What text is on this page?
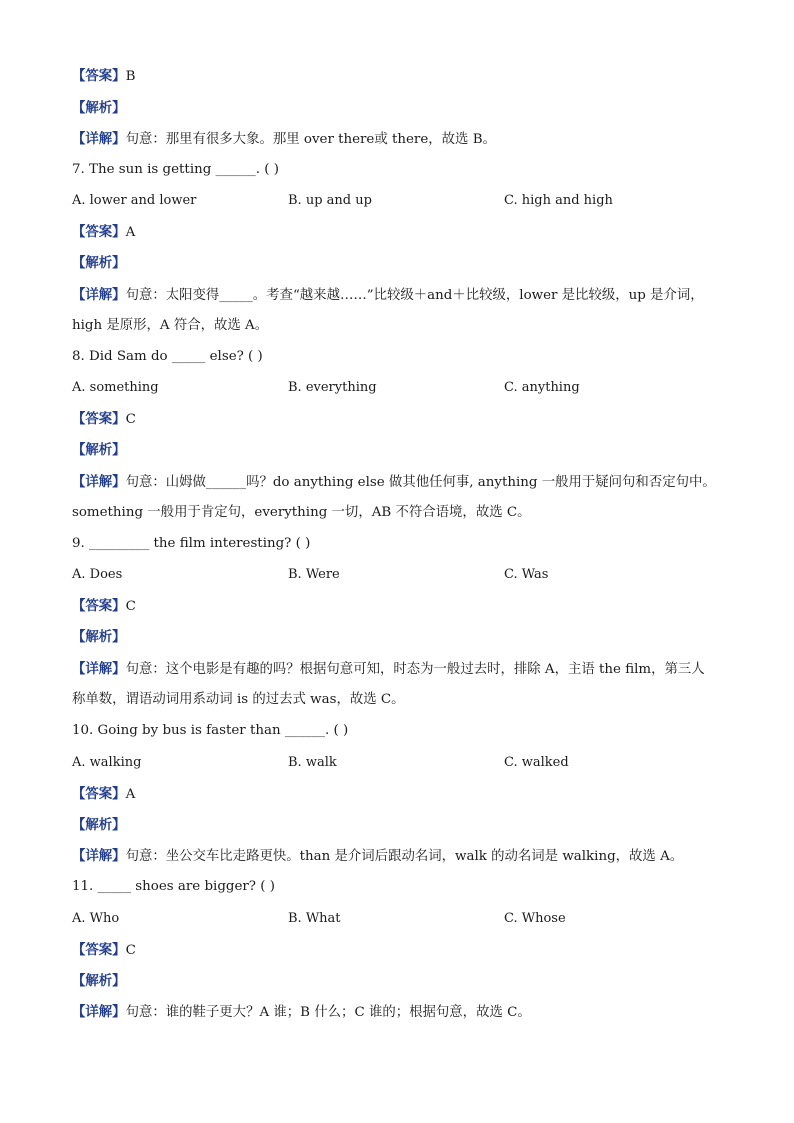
【答案】B
【解析】
【详解】句意：那里有很多大象。那里 over there或 there，故选 B。
7. The sun is getting ______. ( )
A. lower and lower	B. up and up	C. high and high
【答案】A
【解析】
【详解】句意：太阳变得_____。考查“越来越……”比较级＋and＋比较级，lower 是比较级，up 是介词，
high 是原形，A 符合，故选 A。
8. Did Sam do _____ else? ( )
A. something	B. everything	C. anything
【答案】C
【解析】
【详解】句意：山姆做______吗？do anything else 做其他任何事, anything 一般用于疑问句和否定句中。
something 一般用于肯定句，everything 一切，AB 不符合语境，故选 C。
9. _________ the film interesting? ( )
A. Does	B. Were	C. Was
【答案】C
【解析】
【详解】句意：这个电影是有趣的吗？根据句意可知，时态为一般过去时，排除 A，主语 the film，第三人
称单数，谓语动词用系动词 is 的过去式 was，故选 C。
10. Going by bus is faster than ______. ( )
A. walking	B. walk	C. walked
【答案】A
【解析】
【详解】句意：坐公交车比走路更快。than 是介词后跟动名词，walk 的动名词是 walking，故选 A。
11. _____ shoes are bigger? ( )
A. Who	B. What	C. Whose
【答案】C
【解析】
【详解】句意：谁的鞋子更大？A 谁；B 什么；C 谁的；根据句意，故选 C。
